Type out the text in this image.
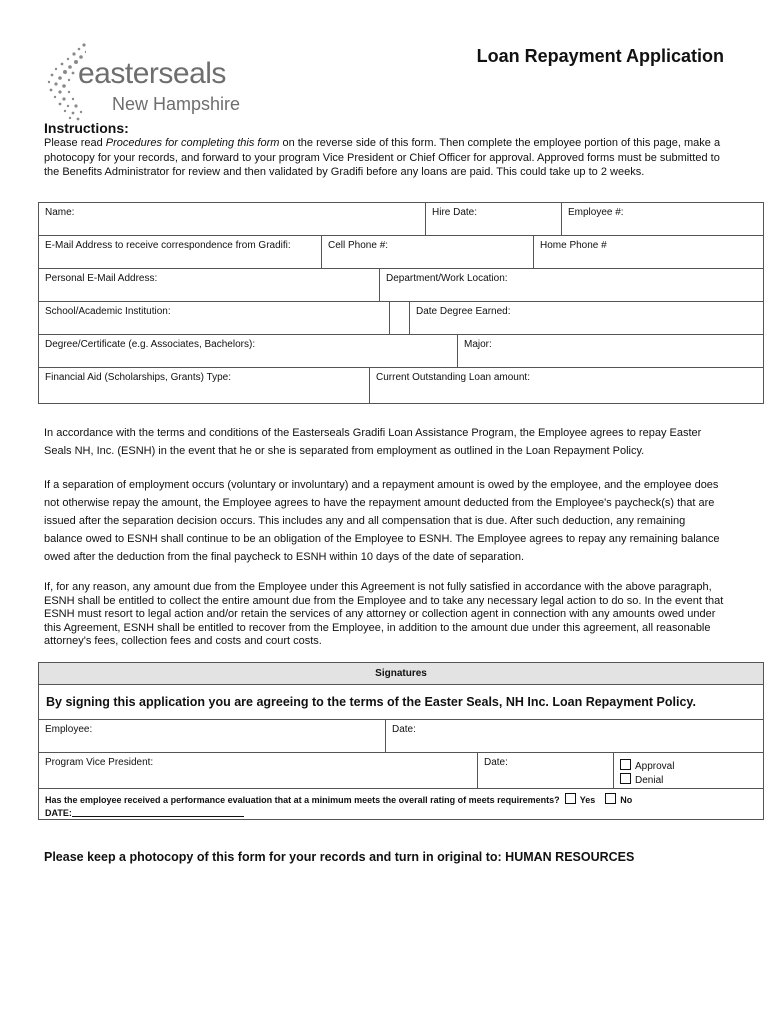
easterseals
New Hampshire
Loan Repayment Application
Instructions:
Please read Procedures for completing this form on the reverse side of this form. Then complete the employee portion of this page, make a photocopy for your records, and forward to your program Vice President or Chief Officer for approval. Approved forms must be submitted to the Benefits Administrator for review and then validated by Gradifi before any loans are paid. This could take up to 2 weeks.
Name:	Hire Date:	Employee #:
E-Mail Address to receive correspondence from Gradifi:	Cell Phone #:	Home Phone #
Personal E-Mail Address:	Department/Work Location:
School/Academic Institution:	Date Degree Earned:
Degree/Certificate (e.g. Associates, Bachelors):	Major:
Financial Aid (Scholarships, Grants) Type:	Current Outstanding Loan amount:
In accordance with the terms and conditions of the Easterseals Gradifi Loan Assistance Program, the Employee agrees to repay Easter Seals NH, Inc. (ESNH) in the event that he or she is separated from employment as outlined in the Loan Repayment Policy.
If a separation of employment occurs (voluntary or involuntary) and a repayment amount is owed by the employee, and the employee does not otherwise repay the amount, the Employee agrees to have the repayment amount deducted from the Employee's paycheck(s) that are issued after the separation decision occurs. This includes any and all compensation that is due. After such deduction, any remaining balance owed to ESNH shall continue to be an obligation of the Employee to ESNH. The Employee agrees to repay any remaining balance owed after the deduction from the final paycheck to ESNH within 10 days of the date of separation.
If, for any reason, any amount due from the Employee under this Agreement is not fully satisfied in accordance with the above paragraph, ESNH shall be entitled to collect the entire amount due from the Employee and to take any necessary legal action to do so. In the event that ESNH must resort to legal action and/or retain the services of any attorney or collection agent in connection with any amounts owed under this Agreement, ESNH shall be entitled to recover from the Employee, in addition to the amount due under this agreement, all reasonable attorney's fees, collection fees and costs and court costs.
Signatures
By signing this application you are agreeing to the terms of the Easter Seals, NH Inc. Loan Repayment Policy.
Employee:	Date:
Program Vice President:	Date:	Approval
Denial
Has the employee received a performance evaluation that at a minimum meets the overall rating of meets requirements? Yes	No
DATE:
Please keep a photocopy of this form for your records and turn in original to: HUMAN RESOURCES
